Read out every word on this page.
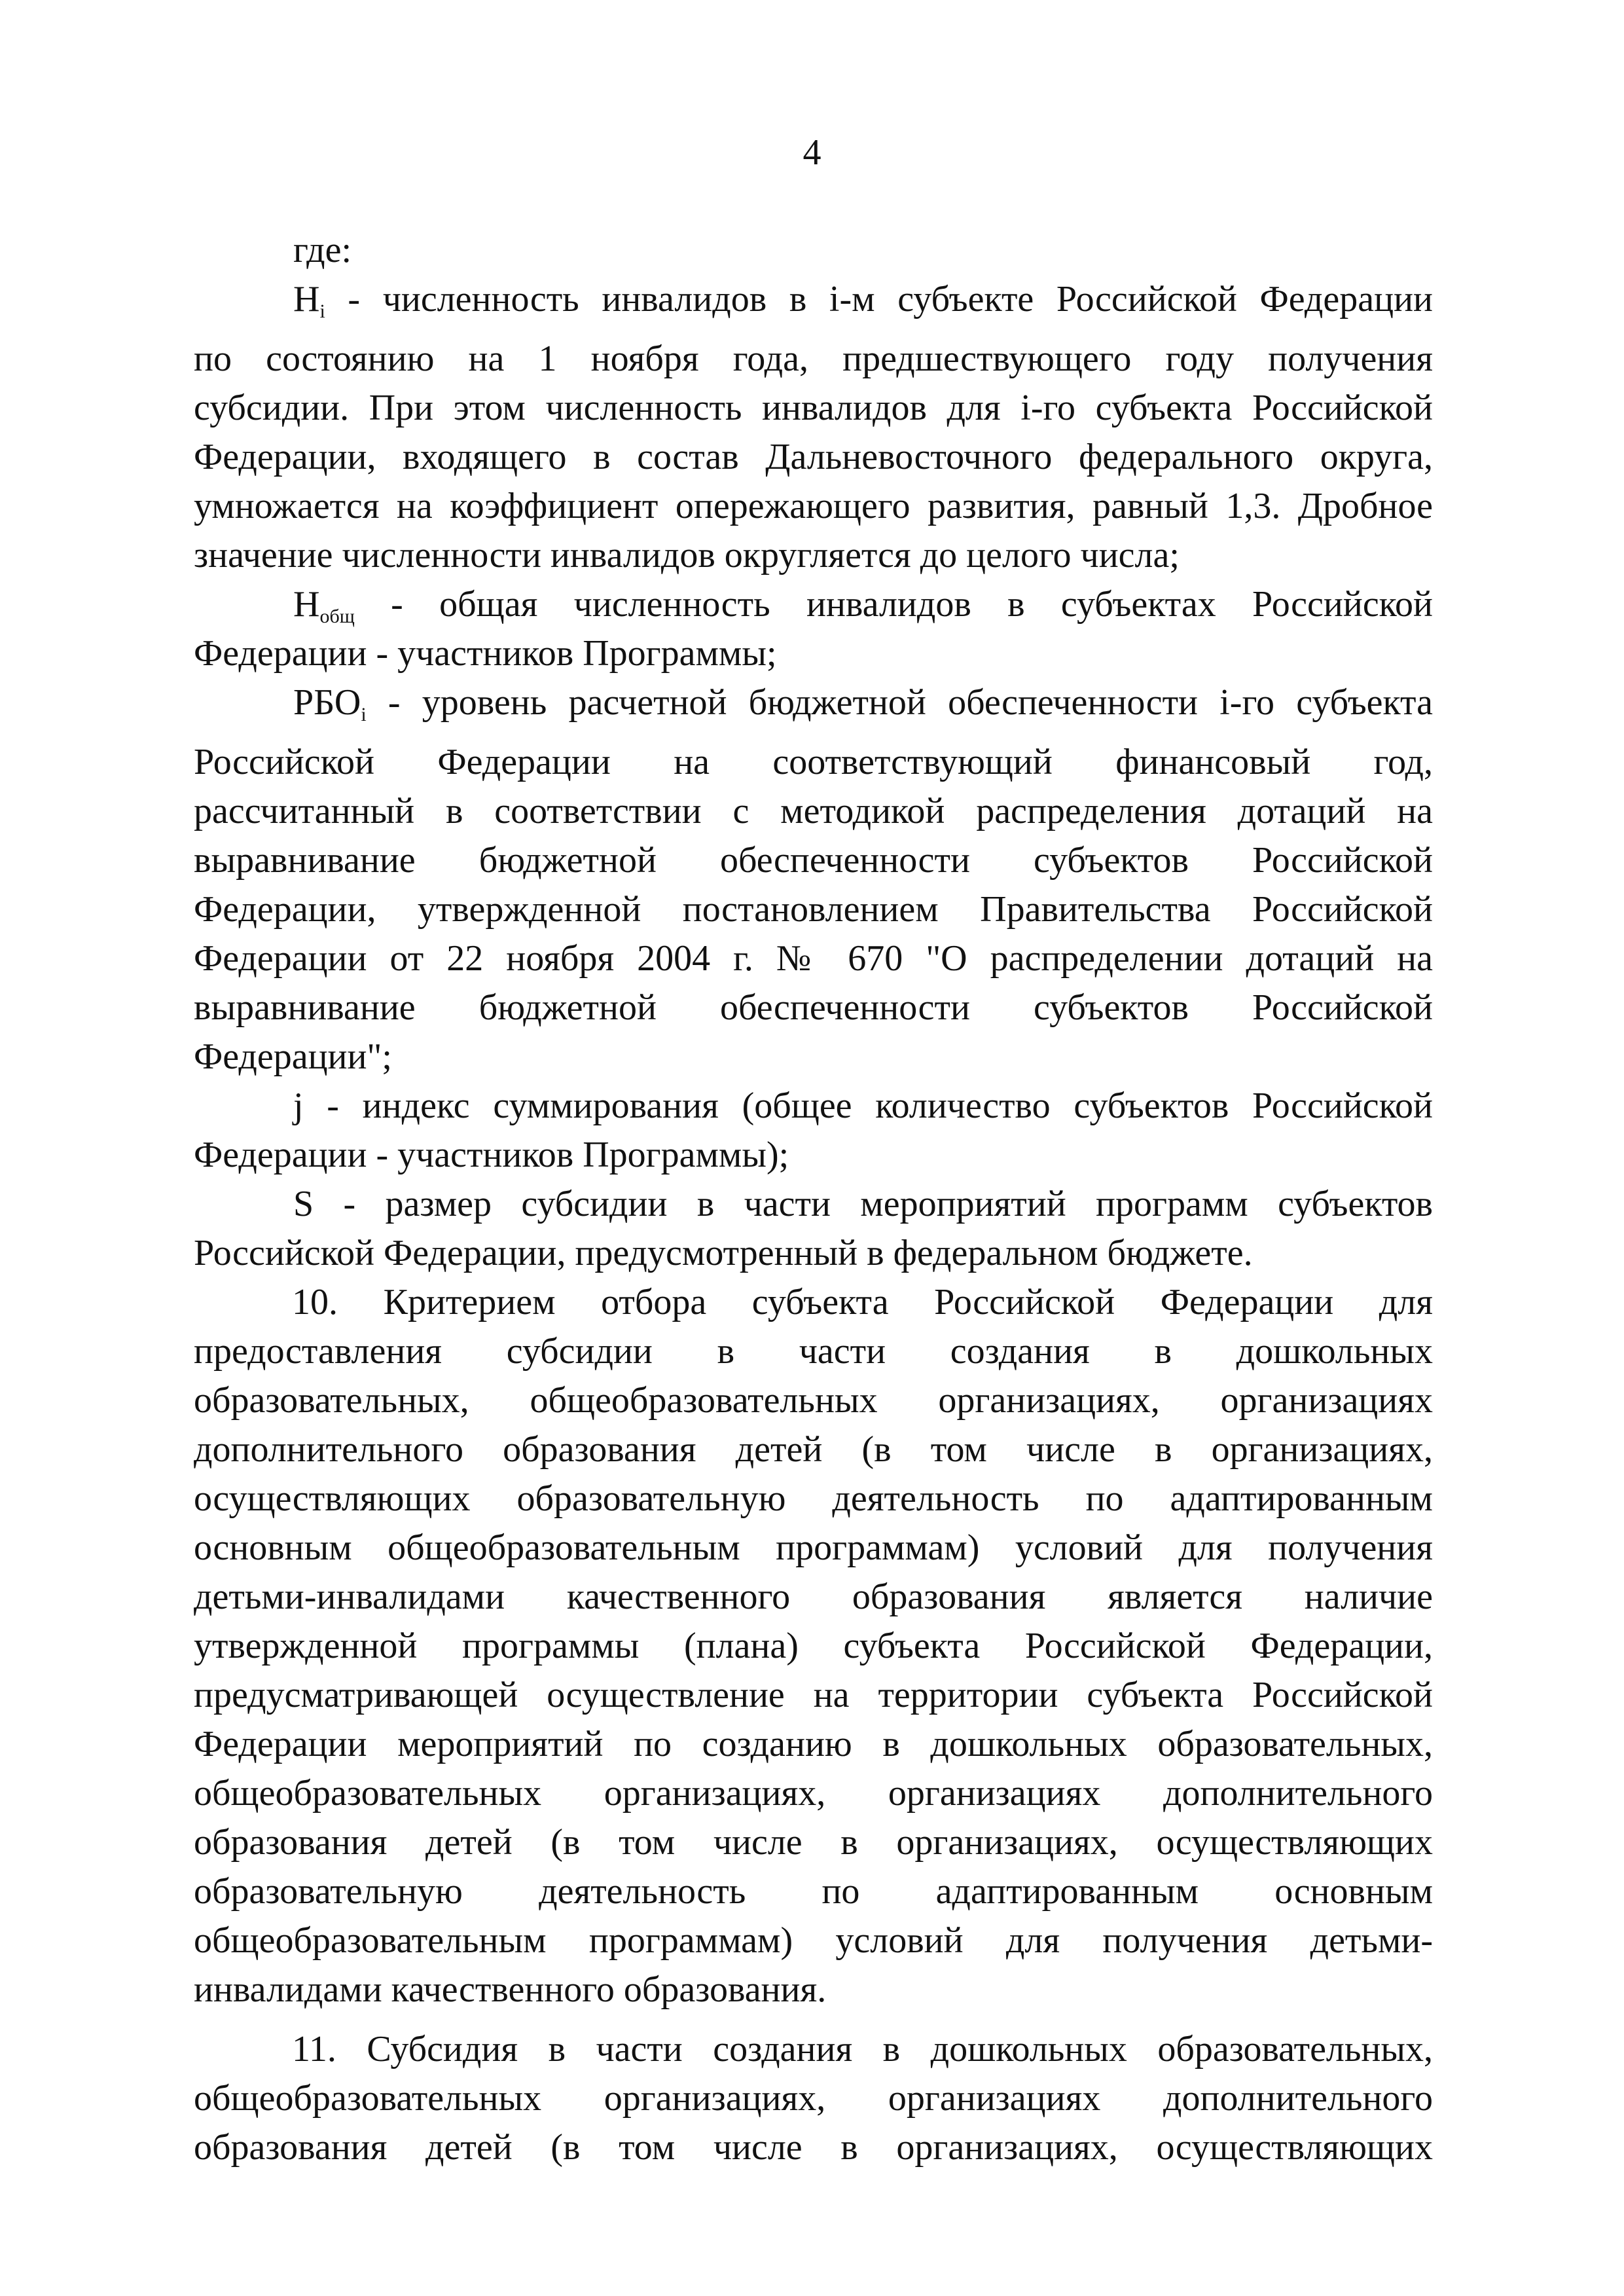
4
где:
$Н_i$ - численность инвалидов в i-м субъекте Российской Федерации
по состоянию на 1 ноября года, предшествующего году получения
субсидии. При этом численность инвалидов для i-го субъекта Российской
Федерации, входящего в состав Дальневосточного федерального округа,
умножается на коэффициент опережающего развития, равный 1,3. Дробное
значение численности инвалидов округляется до целого числа;
$Н_{общ}$ - общая численность инвалидов в субъектах Российской
Федерации - участников Программы;
$РБО_i$ - уровень расчетной бюджетной обеспеченности i-го субъекта
Российской Федерации на соответствующий финансовый год,
рассчитанный в соответствии с методикой распределения дотаций на
выравнивание бюджетной обеспеченности субъектов Российской
Федерации, утвержденной постановлением Правительства Российской
Федерации от 22 ноября 2004 г. № 670 "О распределении дотаций на
выравнивание бюджетной обеспеченности субъектов Российской
Федерации";
j - индекс суммирования (общее количество субъектов Российской
Федерации - участников Программы);
S - размер субсидии в части мероприятий программ субъектов
Российской Федерации, предусмотренный в федеральном бюджете.
10. Критерием отбора субъекта Российской Федерации для
предоставления субсидии в части создания в дошкольных
образовательных, общеобразовательных организациях, организациях
дополнительного образования детей (в том числе в организациях,
осуществляющих образовательную деятельность по адаптированным
основным общеобразовательным программам) условий для получения
детьми-инвалидами качественного образования является наличие
утвержденной программы (плана) субъекта Российской Федерации,
предусматривающей осуществление на территории субъекта Российской
Федерации мероприятий по созданию в дошкольных образовательных,
общеобразовательных организациях, организациях дополнительного
образования детей (в том числе в организациях, осуществляющих
образовательную деятельность по адаптированным основным
общеобразовательным программам) условий для получения детьми-
инвалидами качественного образования.
11. Субсидия в части создания в дошкольных образовательных,
общеобразовательных организациях, организациях дополнительного
образования детей (в том числе в организациях, осуществляющих
